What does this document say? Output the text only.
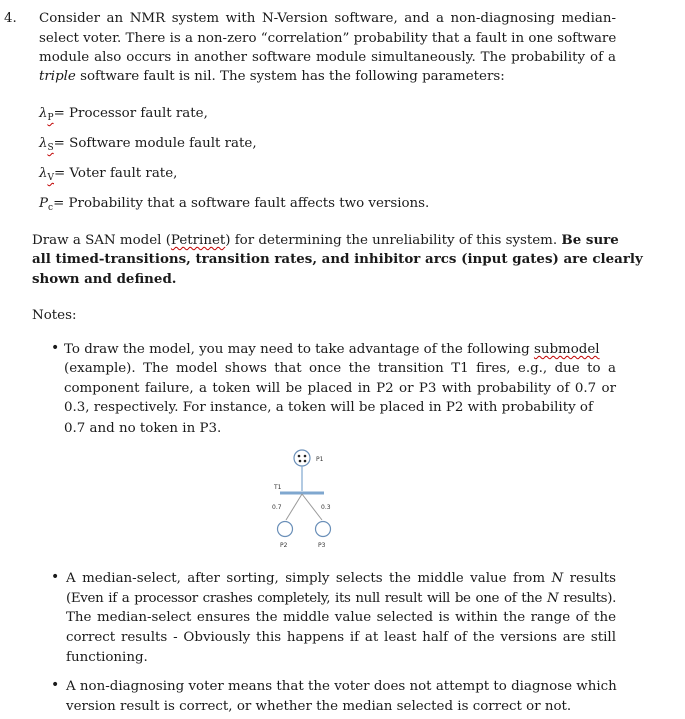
4. Consider an NMR system with N-Version software, and a non-diagnosing median-
select voter. There is a non-zero “correlation” probability that a fault in one software
module also occurs in another software module simultaneously. The probability of a
triple software fault is nil. The system has the following parameters:
$\lambda_P=$ Processor fault rate,
$\lambda_S=$ Software module fault rate,
$\lambda_V=$ Voter fault rate,
$P_c=$ Probability that a software fault affects two versions.
Draw a SAN model (Petrinet) for determining the unreliability of this system. Be sure
all timed-transitions, transition rates, and inhibitor arcs (input gates) are clearly
shown and defined.
Notes:
• To draw the model, you may need to take advantage of the following submodel
(example). The model shows that once the transition T1 fires, e.g., due to a
component failure, a token will be placed in P2 or P3 with probability of 0.7 or
0.3, respectively. For instance, a token will be placed in P2 with probability of
0.7 and no token in P3.
P1
T1
0.7	0.3
P2	P3
• A median-select, after sorting, simply selects the middle value from N results
(Even if a processor crashes completely, its null result will be one of the N results).
The median-select ensures the middle value selected is within the range of the
correct results - Obviously this happens if at least half of the versions are still
functioning.
• A non-diagnosing voter means that the voter does not attempt to diagnose which
version result is correct, or whether the median selected is correct or not.
